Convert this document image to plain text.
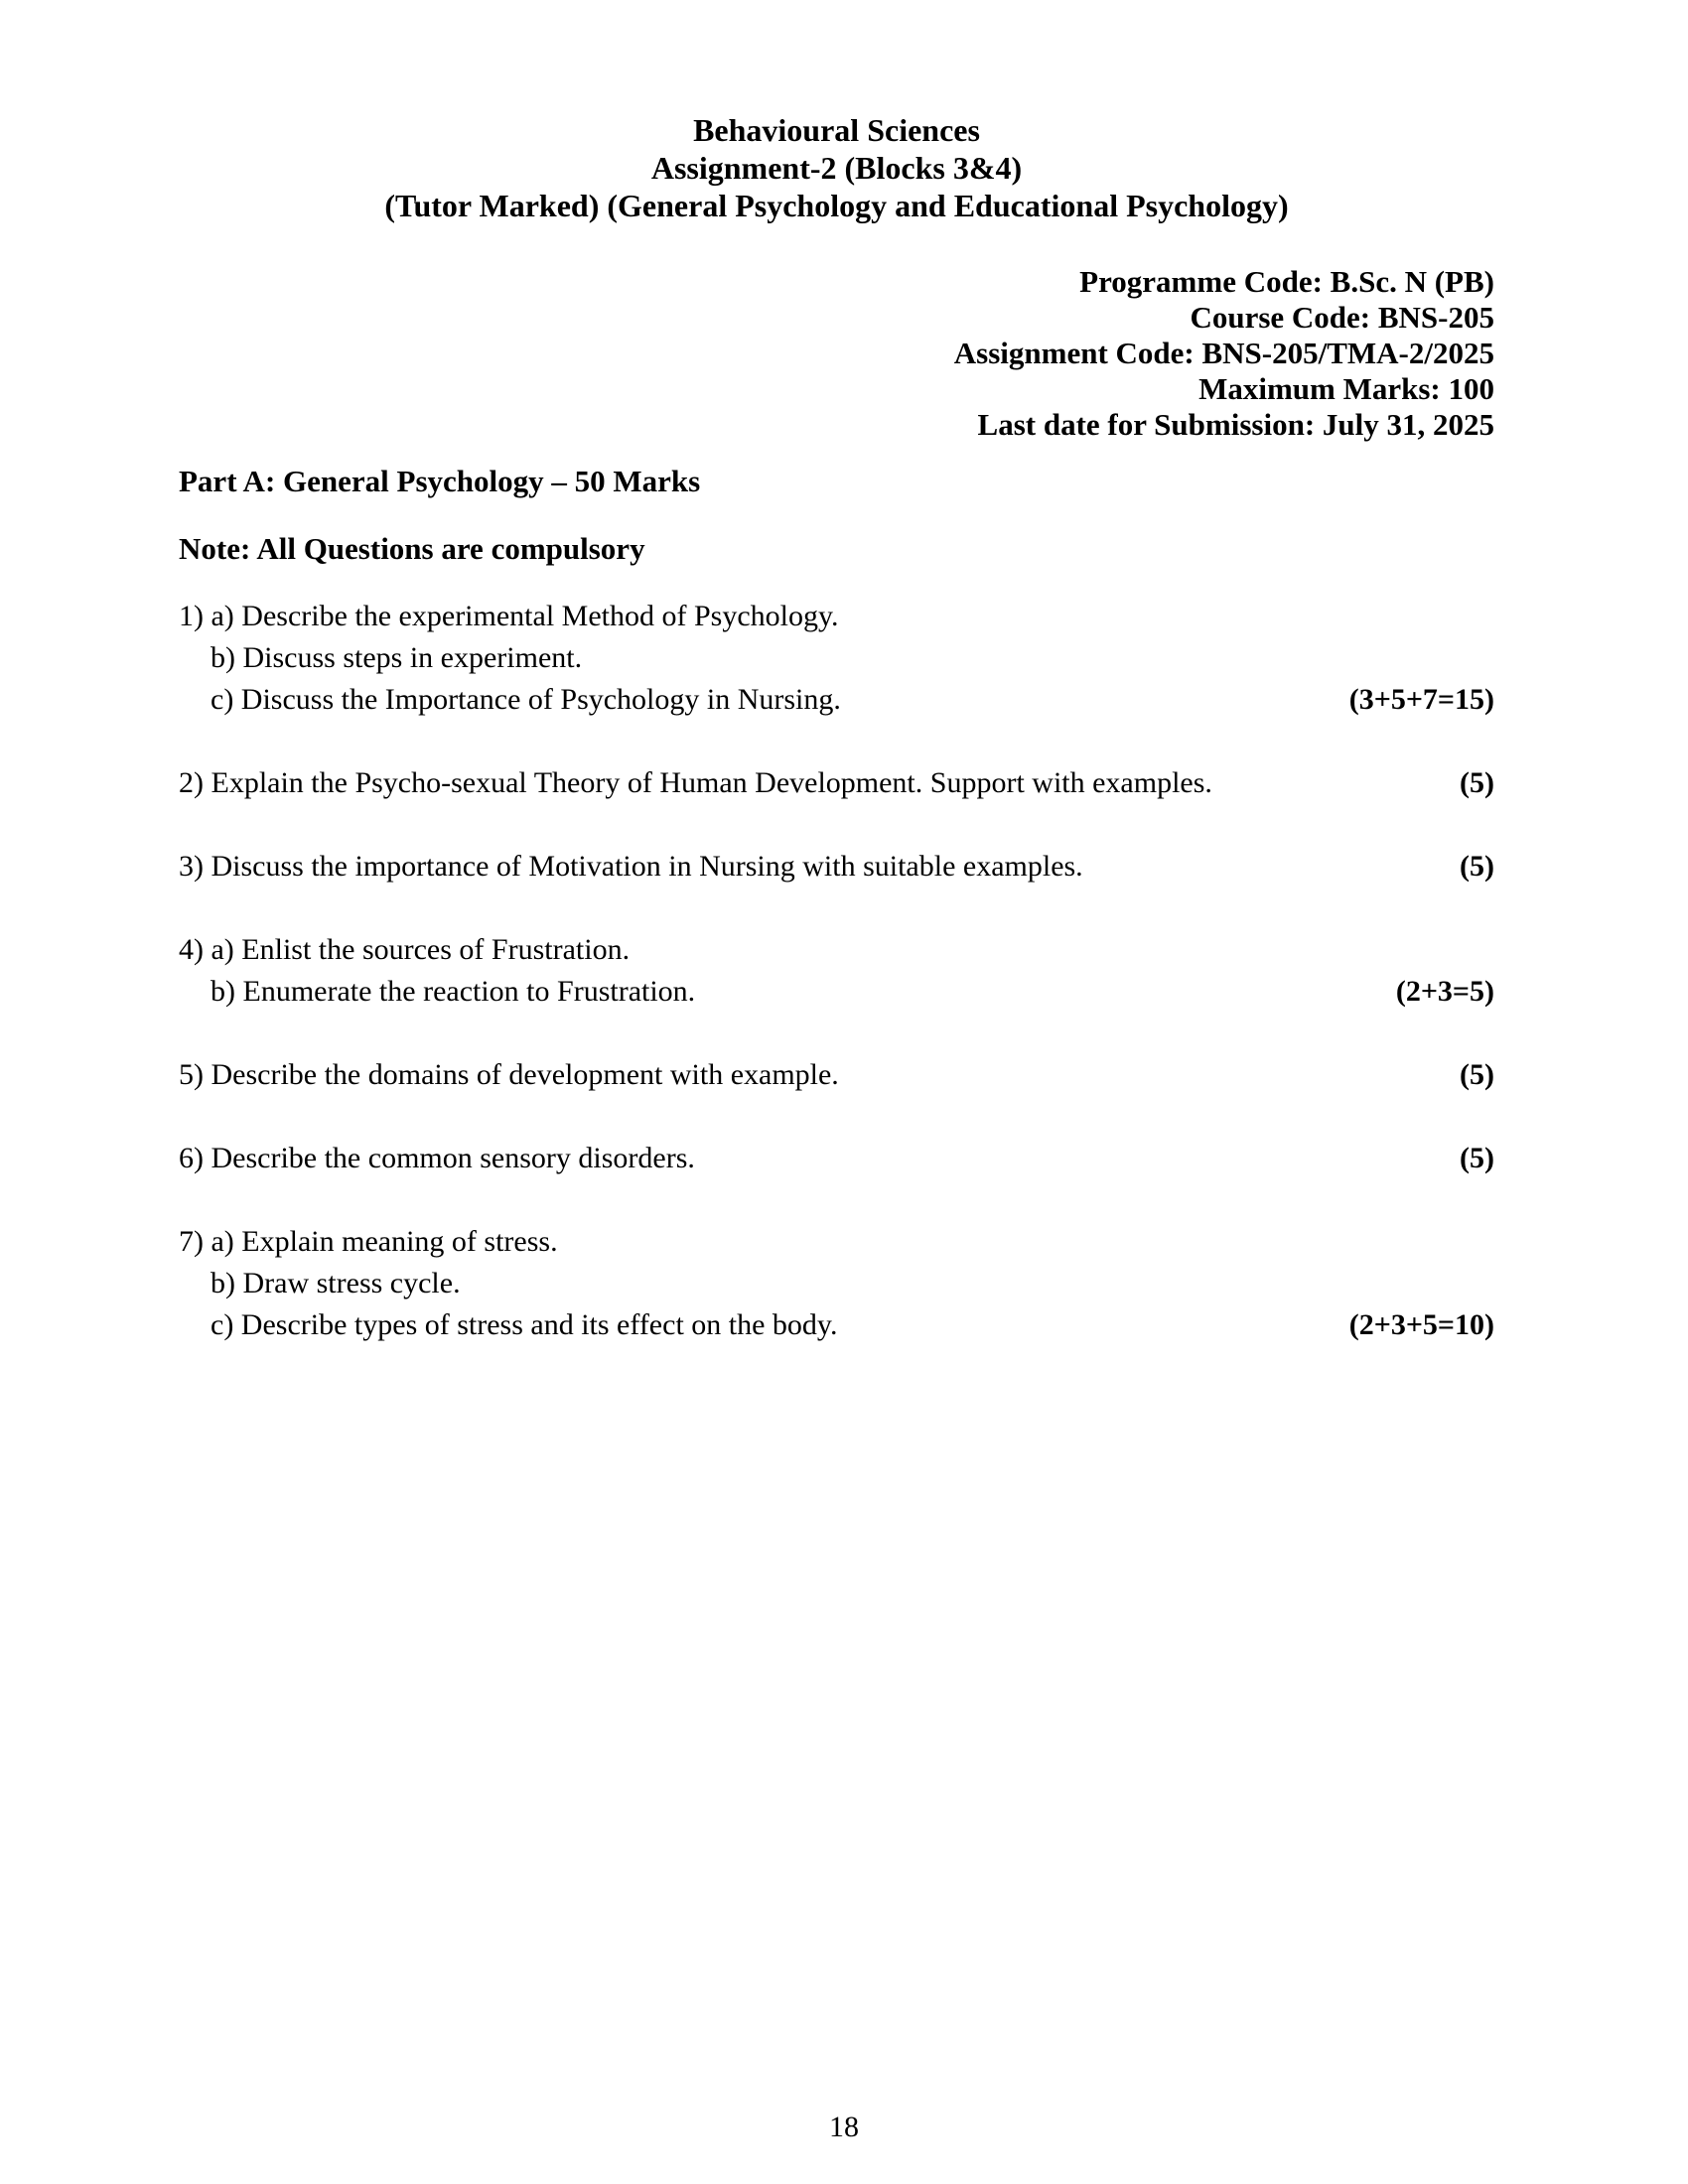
Behavioural Sciences
Assignment-2 (Blocks 3&4)
(Tutor Marked) (General Psychology and Educational Psychology)
Programme Code: B.Sc. N (PB)
Course Code: BNS-205
Assignment Code: BNS-205/TMA-2/2025
Maximum Marks: 100
Last date for Submission: July 31, 2025
Part A: General Psychology – 50 Marks

Note: All Questions are compulsory

1) a) Describe the experimental Method of Psychology.
b) Discuss steps in experiment.
c) Discuss the Importance of Psychology in Nursing.	(3+5+7=15)
2) Explain the Psycho-sexual Theory of Human Development. Support with examples.	(5)
3) Discuss the importance of Motivation in Nursing with suitable examples.	(5)
4) a) Enlist the sources of Frustration.
b) Enumerate the reaction to Frustration.	(2+3=5)
5) Describe the domains of development with example.	(5)
6) Describe the common sensory disorders.	(5)
7) a) Explain meaning of stress.
b) Draw stress cycle.
c) Describe types of stress and its effect on the body.	(2+3+5=10)
18
